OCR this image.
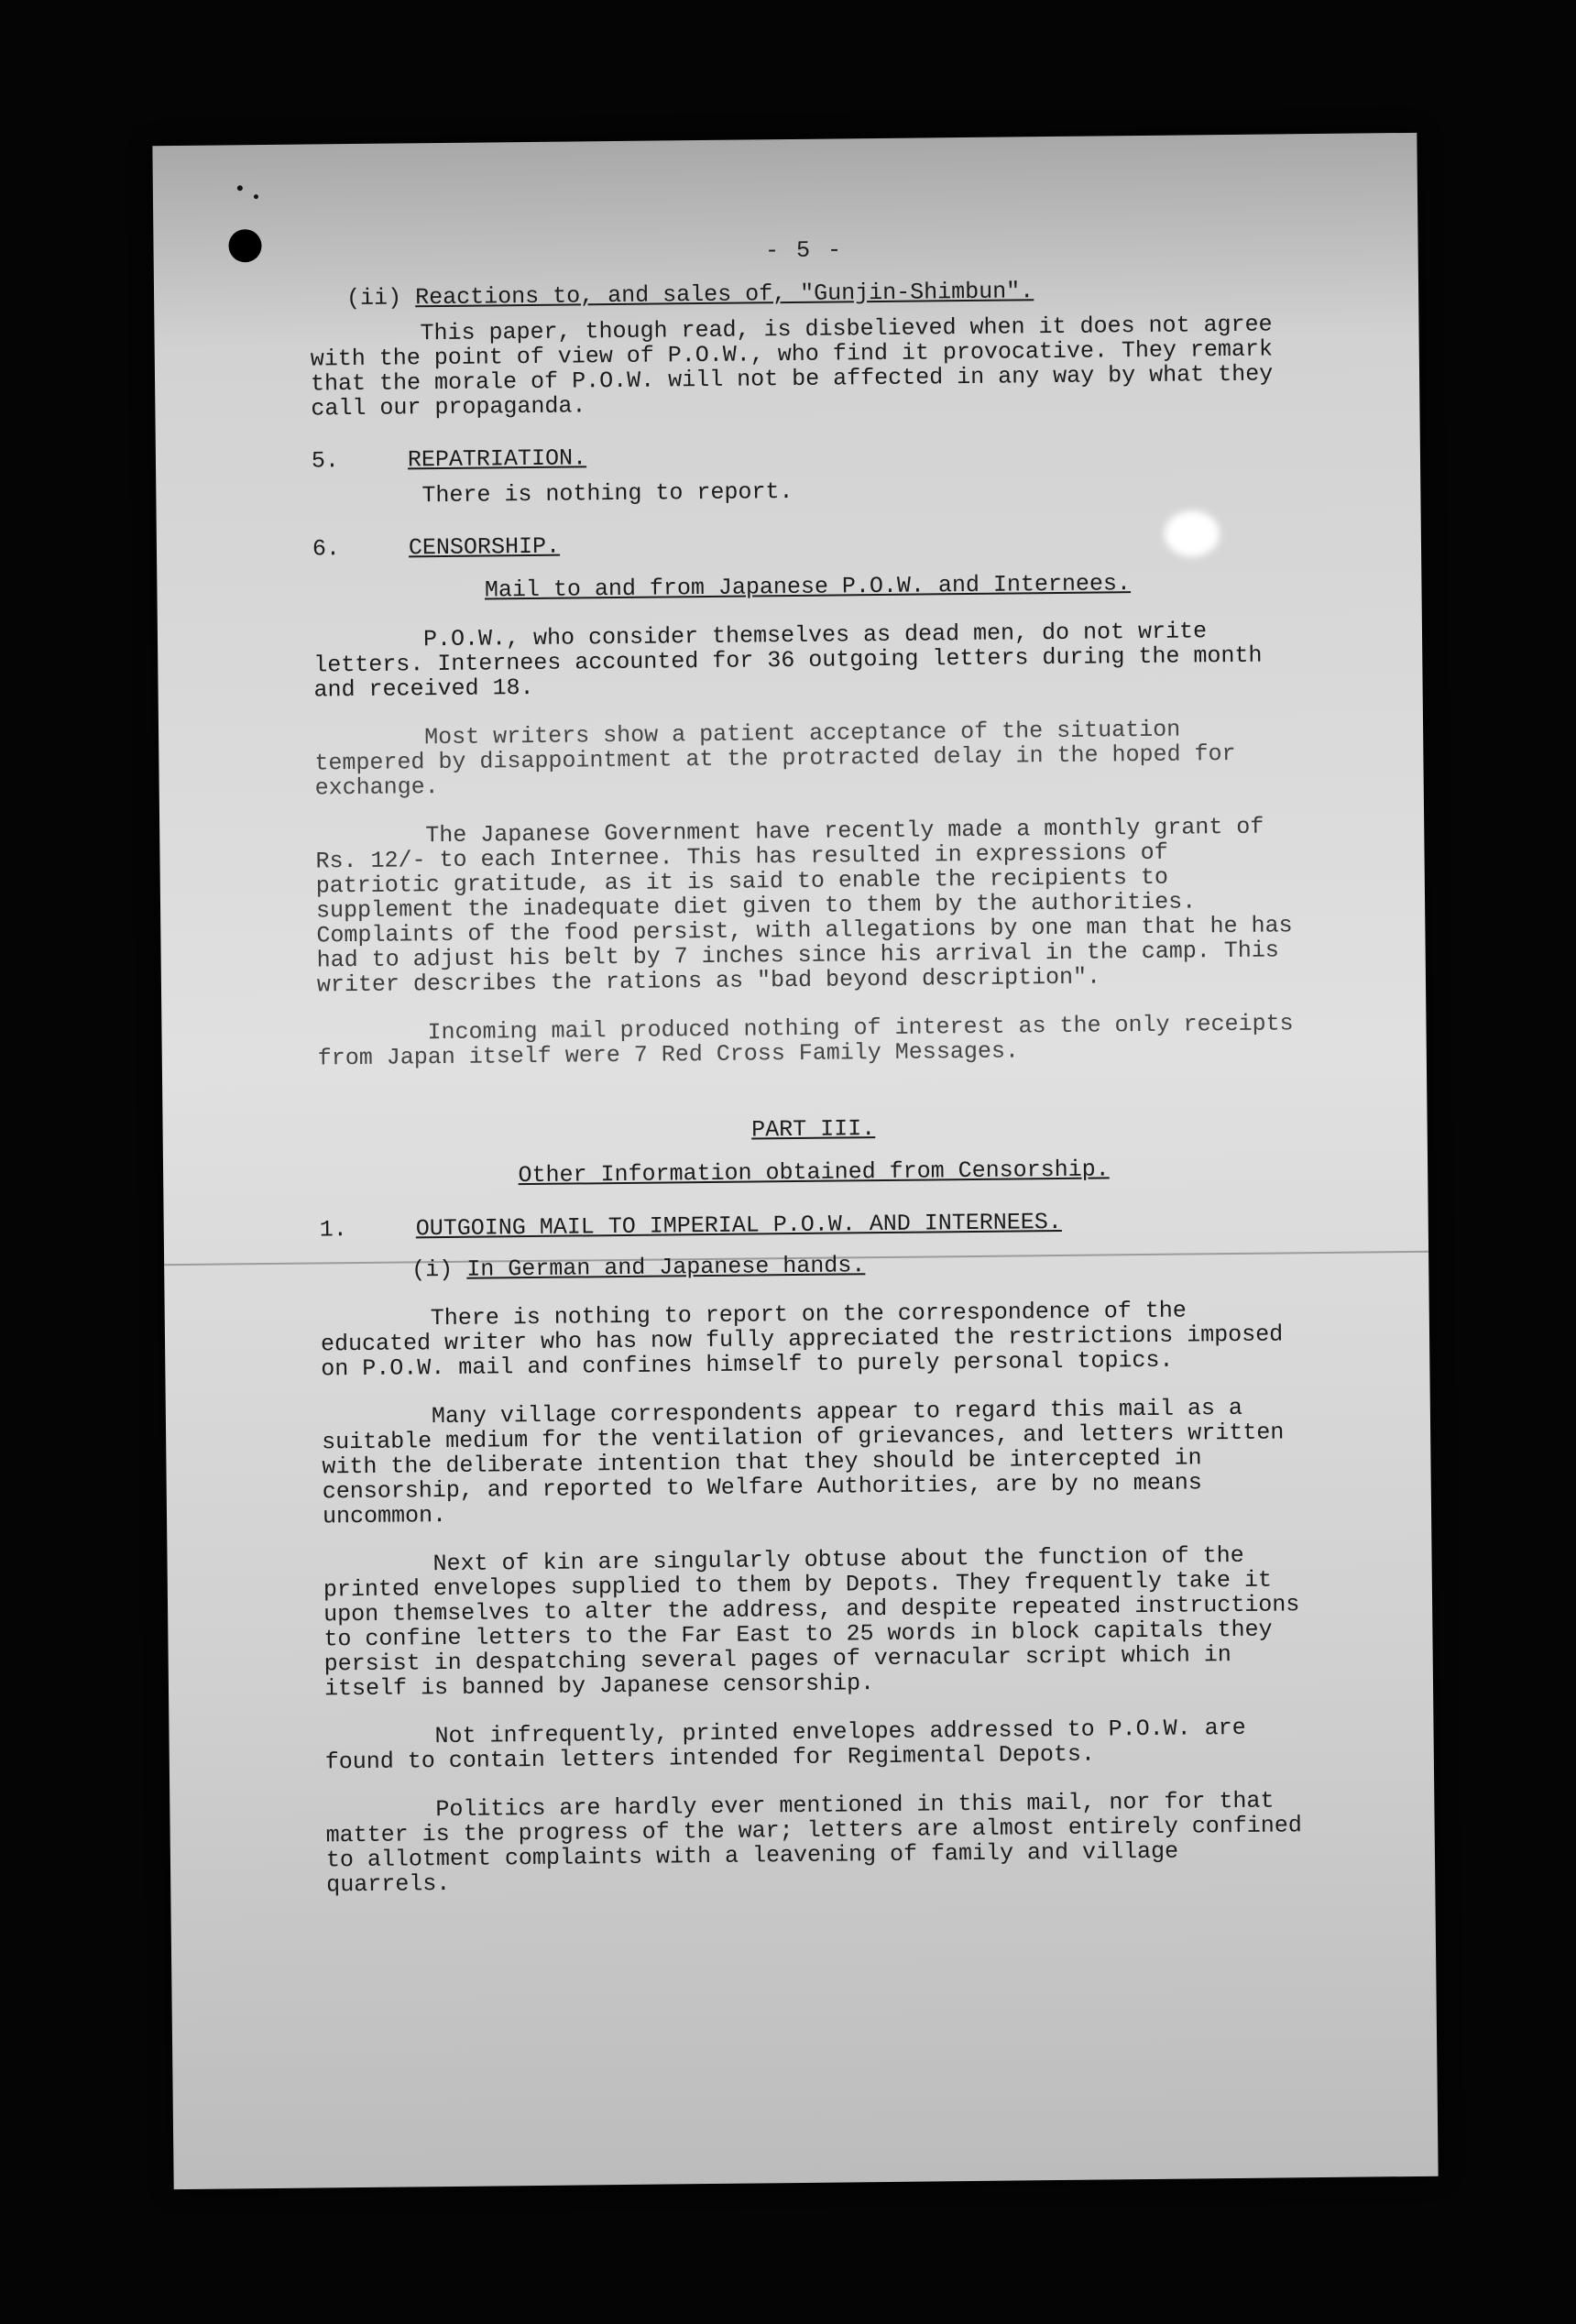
- 5 -

(ii) Reactions to, and sales of, "Gunjin-Shimbun".

This paper, though read, is disbelieved when it does not agree with the point of view of P.O.W., who find it provocative. They remark that the morale of P.O.W. will not be affected in any way by what they call our propaganda.

5.	REPATRIATION.

There is nothing to report.

6.	CENSORSHIP.

Mail to and from Japanese P.O.W. and Internees.

P.O.W., who consider themselves as dead men, do not write letters. Internees accounted for 36 outgoing letters during the month and received 18.

Most writers show a patient acceptance of the situation tempered by disappointment at the protracted delay in the hoped for exchange.

The Japanese Government have recently made a monthly grant of Rs. 12/- to each Internee. This has resulted in expressions of patriotic gratitude, as it is said to enable the recipients to supplement the inadequate diet given to them by the authorities. Complaints of the food persist, with allegations by one man that he has had to adjust his belt by 7 inches since his arrival in the camp. This writer describes the rations as "bad beyond description".

Incoming mail produced nothing of interest as the only receipts from Japan itself were 7 Red Cross Family Messages.

PART III.

Other Information obtained from Censorship.

1.	OUTGOING MAIL TO IMPERIAL P.O.W. AND INTERNEES.

(i) In German and Japanese hands.

There is nothing to report on the correspondence of the educated writer who has now fully appreciated the restrictions imposed on P.O.W. mail and confines himself to purely personal topics.

Many village correspondents appear to regard this mail as a suitable medium for the ventilation of grievances, and letters written with the deliberate intention that they should be intercepted in censorship, and reported to Welfare Authorities, are by no means uncommon.

Next of kin are singularly obtuse about the function of the printed envelopes supplied to them by Depots. They frequently take it upon themselves to alter the address, and despite repeated instructions to confine letters to the Far East to 25 words in block capitals they persist in despatching several pages of vernacular script which in itself is banned by Japanese censorship.

Not infrequently, printed envelopes addressed to P.O.W. are found to contain letters intended for Regimental Depots.

Politics are hardly ever mentioned in this mail, nor for that matter is the progress of the war; letters are almost entirely confined to allotment complaints with a leavening of family and village quarrels.
